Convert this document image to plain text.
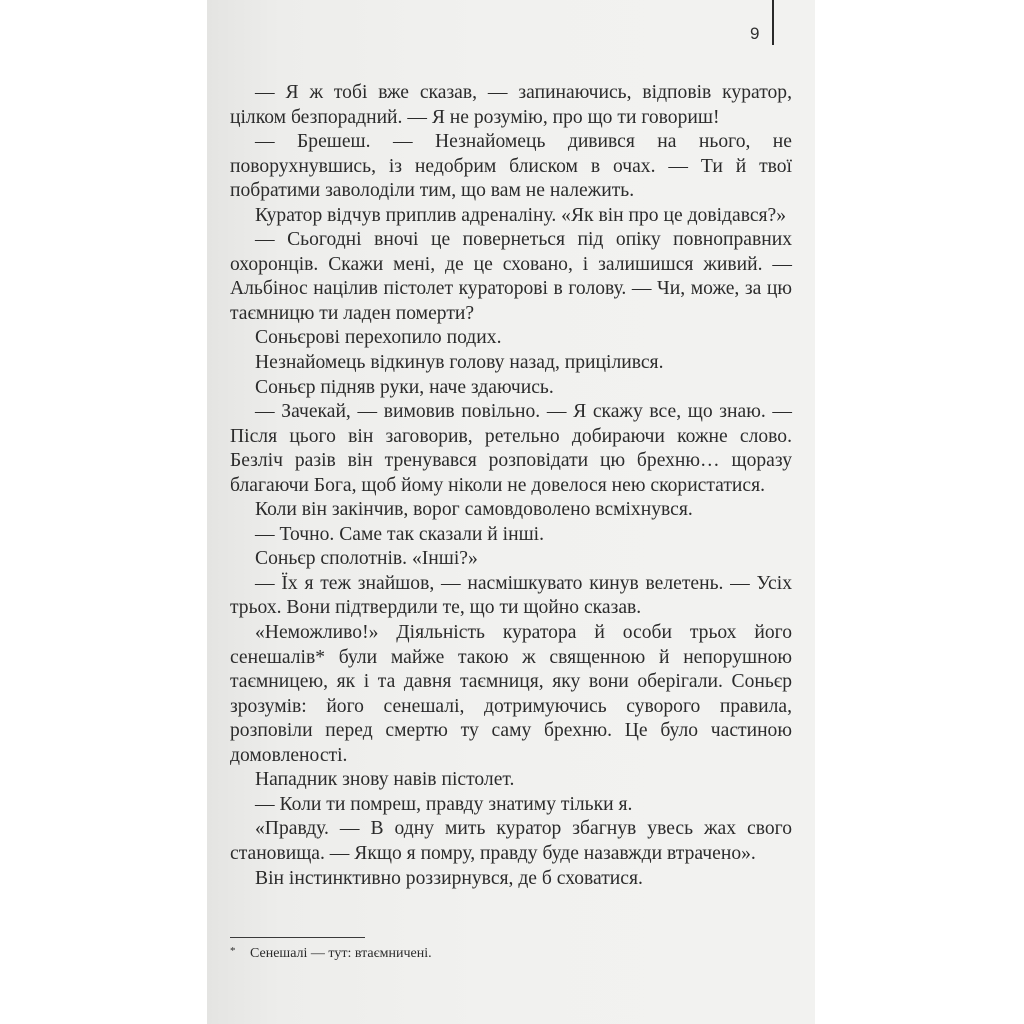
9

— Я ж тобі вже сказав, — запинаючись, відповів куратор, цілком безпорадний. — Я не розумію, про що ти говориш!

— Брешеш. — Незнайомець дивився на нього, не поворухнувшись, із недобрим блиском в очах. — Ти й твої побратими заволоділи тим, що вам не належить.

Куратор відчув приплив адреналіну. «Як він про це довідався?»

— Сьогодні вночі це повернеться під опіку повноправних охоронців. Скажи мені, де це сховано, і залишишся живий. — Альбінос націлив пістолет кураторові в голову. — Чи, може, за цю таємницю ти ладен померти?

Соньєрові перехопило подих.

Незнайомець відкинув голову назад, прицілився.

Соньєр підняв руки, наче здаючись.

— Зачекай, — вимовив повільно. — Я скажу все, що знаю. — Після цього він заговорив, ретельно добираючи кожне слово. Безліч разів він тренувався розповідати цю брехню… щоразу благаючи Бога, щоб йому ніколи не довелося нею скористатися.

Коли він закінчив, ворог самовдоволено всміхнувся.

— Точно. Саме так сказали й інші.

Соньєр сполотнів. «Інші?»

— Їх я теж знайшов, — насмішкувато кинув велетень. — Усіх трьох. Вони підтвердили те, що ти щойно сказав.

«Неможливо!» Діяльність куратора й особи трьох його сенешалів* були майже такою ж священною й непорушною таємницею, як і та давня таємниця, яку вони оберігали. Соньєр зрозумів: його сенешалі, дотримуючись суворого правила, розповіли перед смертю ту саму брехню. Це було частиною домовленості.

Нападник знову навів пістолет.

— Коли ти помреш, правду знатиму тільки я.

«Правду. — В одну мить куратор збагнув увесь жах свого становища. — Якщо я помру, правду буде назавжди втрачено».

Він інстинктивно роззирнувся, де б сховатися.

* Сенешалі — тут: втаємничені.
